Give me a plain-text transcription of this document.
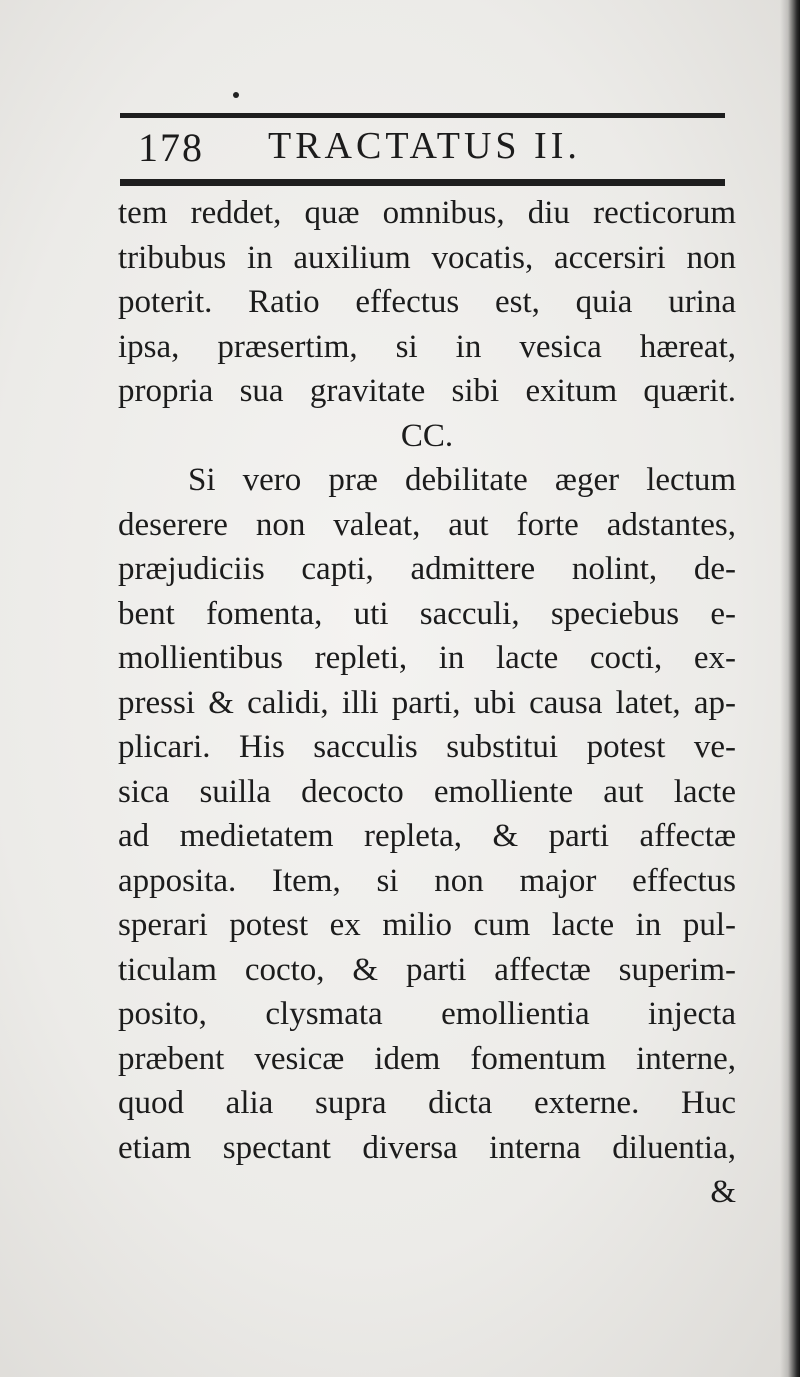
178 TRACTATUS II.
tem reddet, quæ omnibus, diu recticorum
tribubus in auxilium vocatis, accersiri non
poterit. Ratio effectus est, quia urina
ipsa, præsertim, si in vesica hæreat,
propria sua gravitate sibi exitum quærit.
CC.
Si vero præ debilitate æger lectum
deserere non valeat, aut forte adstantes,
præjudiciis capti, admittere nolint, de-
bent fomenta, uti sacculi, speciebus e-
mollientibus repleti, in lacte cocti, ex-
pressi & calidi, illi parti, ubi causa latet, ap-
plicari. His sacculis substitui potest ve-
sica suilla decocto emolliente aut lacte
ad medietatem repleta, & parti affectæ
apposita. Item, si non major effectus
sperari potest ex milio cum lacte in pul-
ticulam cocto, & parti affectæ superim-
posito, clysmata emollientia injecta
præbent vesicæ idem fomentum interne,
quod alia supra dicta externe. Huc
etiam spectant diversa interna diluentia,
&
